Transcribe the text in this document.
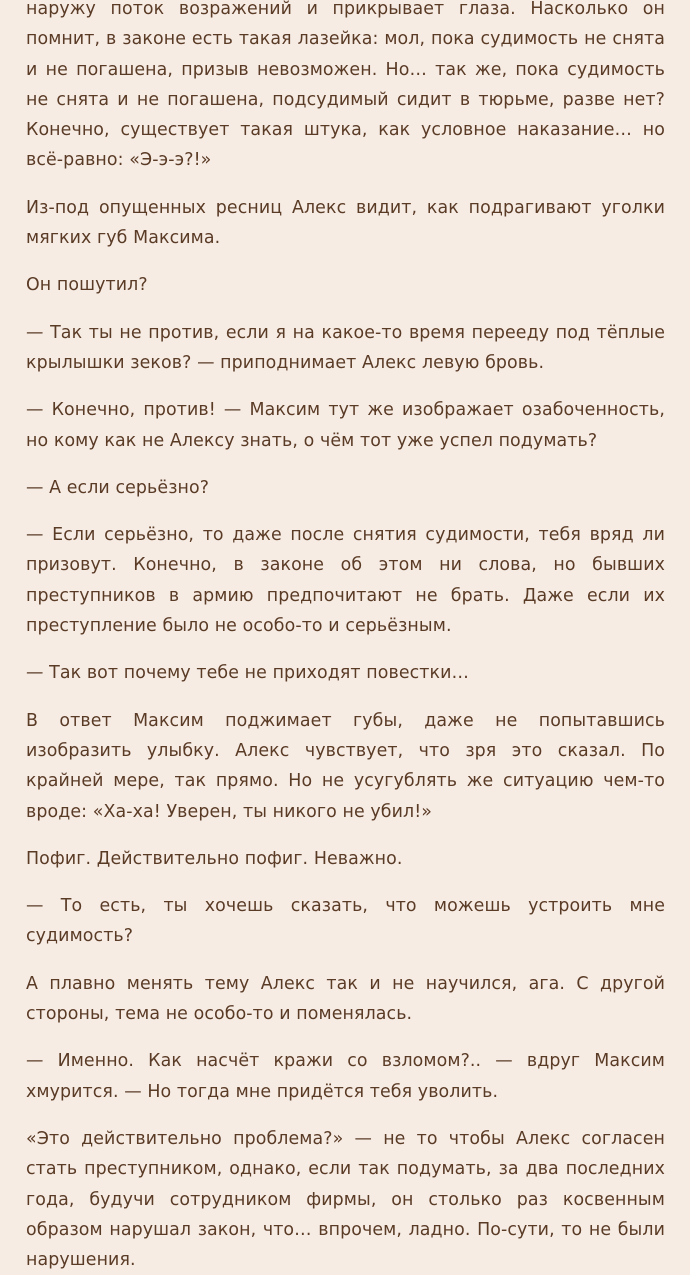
наружу поток возражений и прикрывает глаза. Насколько он помнит, в законе есть такая лазейка: мол, пока судимость не снята и не погашена, призыв невозможен. Но… так же, пока судимость не снята и не погашена, подсудимый сидит в тюрьме, разве нет? Конечно, существует такая штука, как условное наказание… но всё-равно: «Э-э-э?!»

Из-под опущенных ресниц Алекс видит, как подрагивают уголки мягких губ Максима.

Он пошутил?

— Так ты не против, если я на какое-то время перееду под тёплые крылышки зеков? — приподнимает Алекс левую бровь.

— Конечно, против! — Максим тут же изображает озабоченность, но кому как не Алексу знать, о чём тот уже успел подумать?

— А если серьёзно?

— Если серьёзно, то даже после снятия судимости, тебя вряд ли призовут. Конечно, в законе об этом ни слова, но бывших преступников в армию предпочитают не брать. Даже если их преступление было не особо-то и серьёзным.

— Так вот почему тебе не приходят повестки…

В ответ Максим поджимает губы, даже не попытавшись изобразить улыбку. Алекс чувствует, что зря это сказал. По крайней мере, так прямо. Но не усугублять же ситуацию чем-то вроде: «Ха-ха! Уверен, ты никого не убил!»

Пофиг. Действительно пофиг. Неважно.

— То есть, ты хочешь сказать, что можешь устроить мне судимость?

А плавно менять тему Алекс так и не научился, ага. С другой стороны, тема не особо-то и поменялась.

— Именно. Как насчёт кражи со взломом?.. — вдруг Максим хмурится. — Но тогда мне придётся тебя уволить.

«Это действительно проблема?» — не то чтобы Алекс согласен стать преступником, однако, если так подумать, за два последних года, будучи сотрудником фирмы, он столько раз косвенным образом нарушал закон, что… впрочем, ладно. По-сути, то не были нарушения.
